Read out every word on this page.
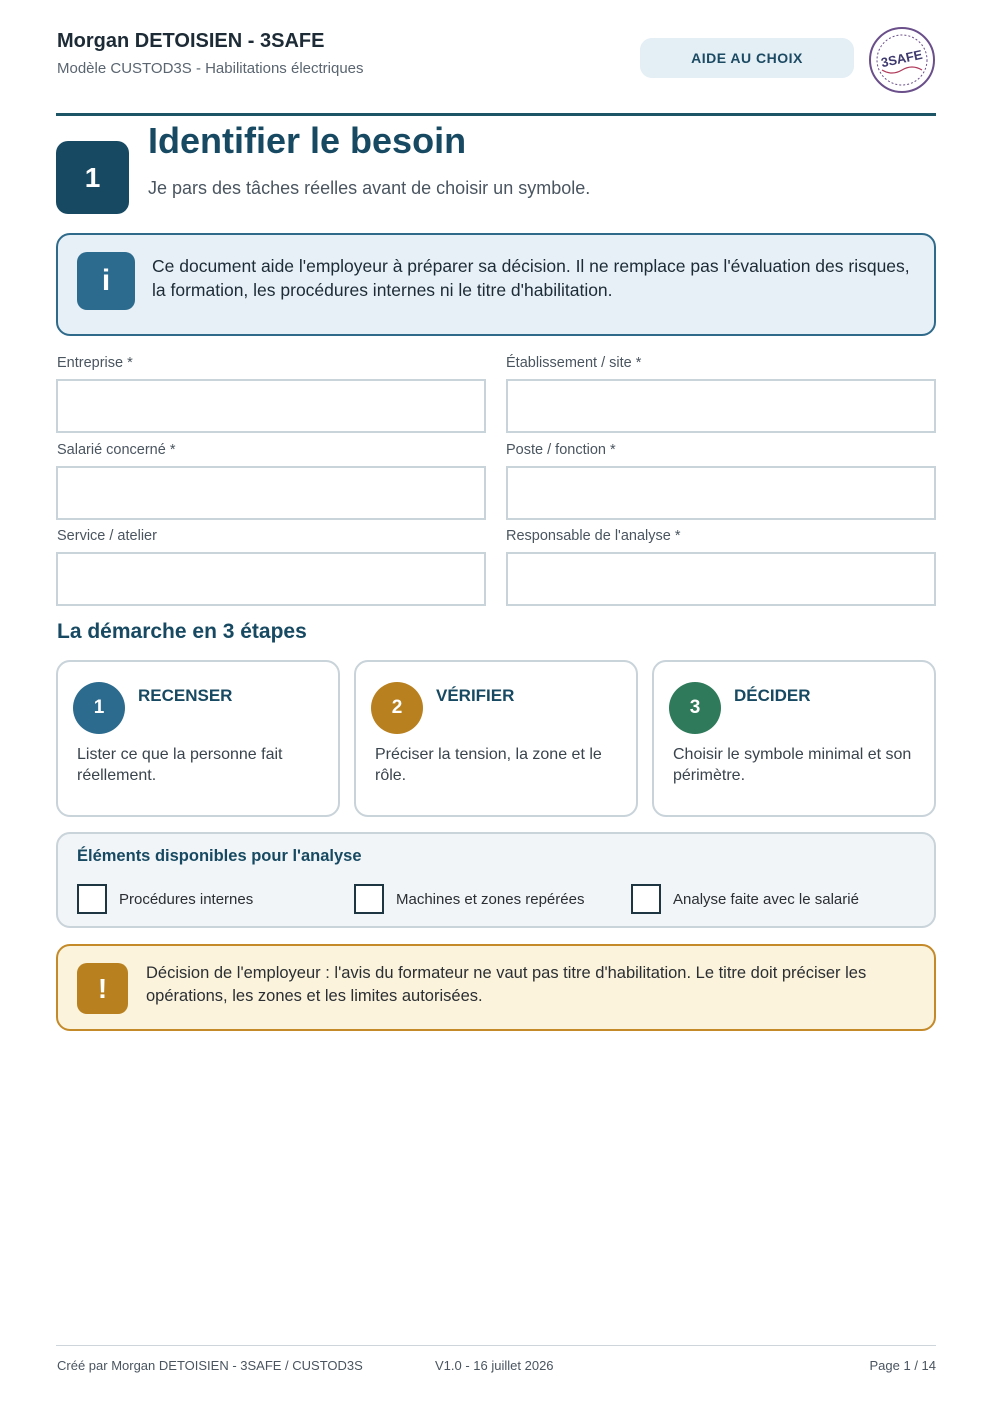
Morgan DETOISIEN - 3SAFE
Modèle CUSTOD3S - Habilitations électriques
AIDE AU CHOIX	3SAFE
1
Identifier le besoin
Je pars des tâches réelles avant de choisir un symbole.
i	Ce document aide l'employeur à préparer sa décision. Il ne remplace pas l'évaluation des risques, la formation, les procédures internes ni le titre d'habilitation.
Entreprise *	Établissement / site *
Salarié concerné *	Poste / fonction *
Service / atelier	Responsable de l'analyse *
La démarche en 3 étapes
1
RECENSER
Lister ce que la personne fait réellement.
2
VÉRIFIER
Préciser la tension, la zone et le rôle.
3
DÉCIDER
Choisir le symbole minimal et son périmètre.
Éléments disponibles pour l'analyse
Procédures internes	Machines et zones repérées	Analyse faite avec le salarié
!	Décision de l'employeur : l'avis du formateur ne vaut pas titre d'habilitation. Le titre doit préciser les opérations, les zones et les limites autorisées.
Créé par Morgan DETOISIEN - 3SAFE / CUSTOD3S	V1.0 - 16 juillet 2026	Page 1 / 14
